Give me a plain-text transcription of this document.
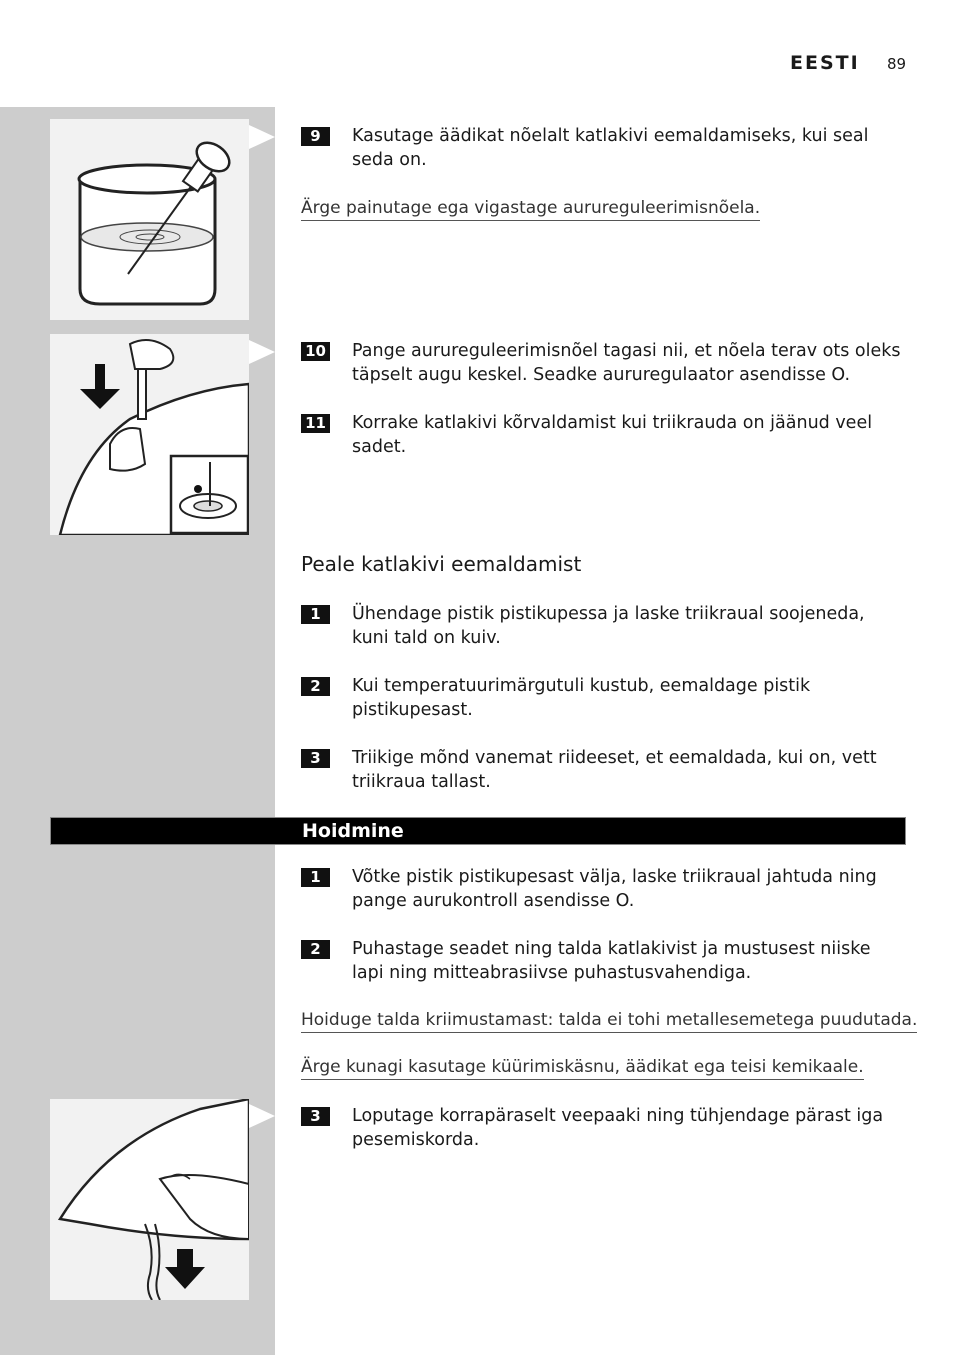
EESTI 89
9	Kasutage äädikat nõelalt katlakivi eemaldamiseks, kui seal seda on.
Ärge painutage ega vigastage aurureguleerimisnõela.
10 Pange aurureguleerimisnõel tagasi nii, et nõela terav ots oleks täpselt augu keskel. Seadke aururegulaator asendisse O.
11 Korrake katlakivi kõrvaldamist kui triikrauda on jäänud veel sadet.
Peale katlakivi eemaldamist
1	Ühendage pistik pistikupessa ja laske triikraual soojeneda, kuni tald on kuiv.
2	Kui temperatuurimärgutuli kustub, eemaldage pistik pistikupesast.
3	Triikige mõnd vanemat riideeset, et eemaldada, kui on, vett triikraua tallast.
Hoidmine
1	Võtke pistik pistikupesast välja, laske triikraual jahtuda ning pange aurukontroll asendisse O.
2	Puhastage seadet ning talda katlakivist ja mustusest niiske lapi ning mitteabrasiivse puhastusvahendiga.
Hoiduge talda kriimustamast: talda ei tohi metallesemetega puudutada.
Ärge kunagi kasutage küürimiskäsnu, äädikat ega teisi kemikaale.
3	Loputage korrapäraselt veepaaki ning tühjendage pärast iga pesemiskorda.
